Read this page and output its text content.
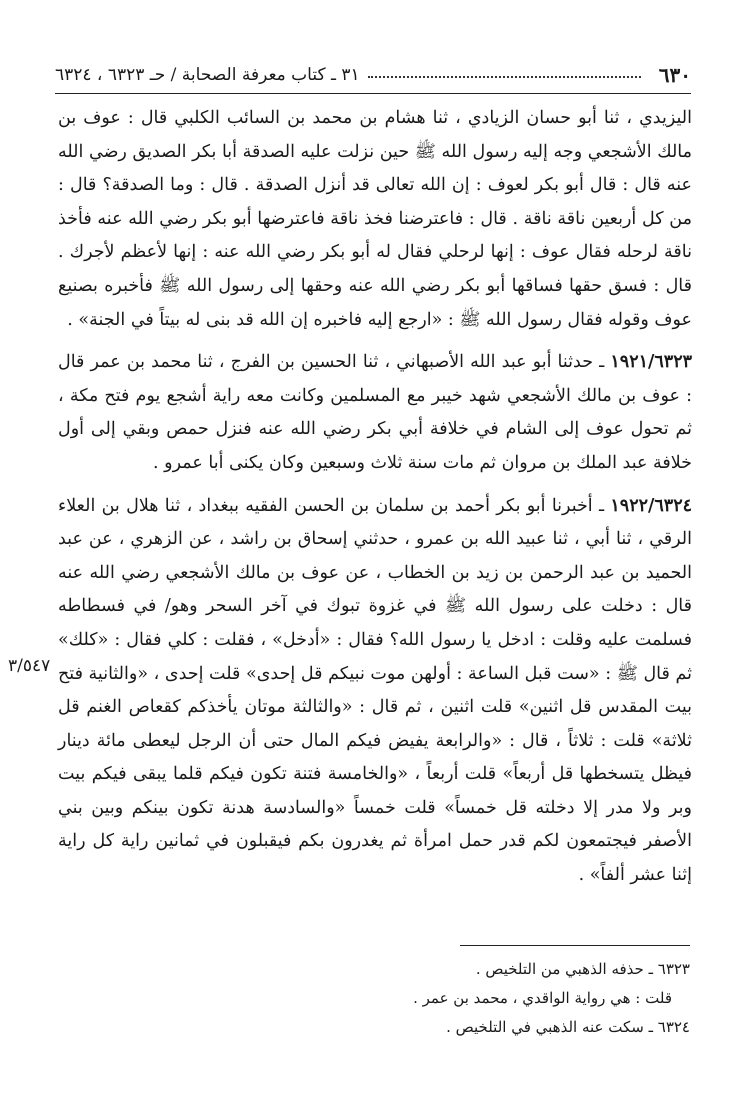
٦٣٠
٣١ ـ كتاب معرفة الصحابة / حـ ٦٣٢٣ ، ٦٣٢٤

اليزيدي ، ثنا أبو حسان الزيادي ، ثنا هشام بن محمد بن السائب الكلبي قال : عوف بن مالك الأشجعي وجه إليه رسول الله ﷺ حين نزلت عليه الصدقة أبا بكر الصديق رضي الله عنه قال : قال أبو بكر لعوف : إن الله تعالى قد أنزل الصدقة . قال : وما الصدقة؟ قال : من كل أربعين ناقة ناقة . قال : فاعترضنا فخذ ناقة فاعترضها أبو بكر رضي الله عنه فأخذ ناقة لرحله فقال عوف : إنها لرحلي فقال له أبو بكر رضي الله عنه : إنها لأعظم لأجرك . قال : فسق حقها فساقها أبو بكر رضي الله عنه وحقها إلى رسول الله ﷺ فأخبره بصنيع عوف وقوله فقال رسول الله ﷺ : «ارجع إليه فاخبره إن الله قد بنى له بيتاً في الجنة» .

١٩٢١/٦٣٢٣ ـ حدثنا أبو عبد الله الأصبهاني ، ثنا الحسين بن الفرج ، ثنا محمد بن عمر قال : عوف بن مالك الأشجعي شهد خيبر مع المسلمين وكانت معه راية أشجع يوم فتح مكة ، ثم تحول عوف إلى الشام في خلافة أبي بكر رضي الله عنه فنزل حمص وبقي إلى أول خلافة عبد الملك بن مروان ثم مات سنة ثلاث وسبعين وكان يكنى أبا عمرو .

١٩٢٢/٦٣٢٤ ـ أخبرنا أبو بكر أحمد بن سلمان بن الحسن الفقيه ببغداد ، ثنا هلال بن العلاء الرقي ، ثنا أبي ، ثنا عبيد الله بن عمرو ، حدثني إسحاق بن راشد ، عن الزهري ، عن عبد الحميد بن عبد الرحمن بن زيد بن الخطاب ، عن عوف بن مالك الأشجعي رضي الله عنه قال : دخلت على رسول الله ﷺ في غزوة تبوك في آخر السحر وهو/ في فسطاطه فسلمت عليه وقلت : ادخل يا رسول الله؟ فقال : «أدخل» ، فقلت : كلي فقال : «كلك» ثم قال ﷺ : «ست قبل الساعة : أولهن موت نبيكم قل إحدى» قلت إحدى ، «والثانية فتح بيت المقدس قل اثنين» قلت اثنين ، ثم قال : «والثالثة موتان يأخذكم كقعاص الغنم قل ثلاثة» قلت : ثلاثاً ، قال : «والرابعة يفيض فيكم المال حتى أن الرجل ليعطى مائة دينار فيظل يتسخطها قل أربعاً» قلت أربعاً ، «والخامسة فتنة تكون فيكم قلما يبقى فيكم بيت وبر ولا مدر إلا دخلته قل خمساً» قلت خمساً «والسادسة هدنة تكون بينكم وبين بني الأصفر فيجتمعون لكم قدر حمل امرأة ثم يغدرون بكم فيقبلون في ثمانين راية كل راية إثنا عشر ألفاً» .

٣/٥٤٧

٦٣٢٣ ـ حذفه الذهبي من التلخيص .

قلت : هي رواية الواقدي ، محمد بن عمر .

٦٣٢٤ ـ سكت عنه الذهبي في التلخيص .
